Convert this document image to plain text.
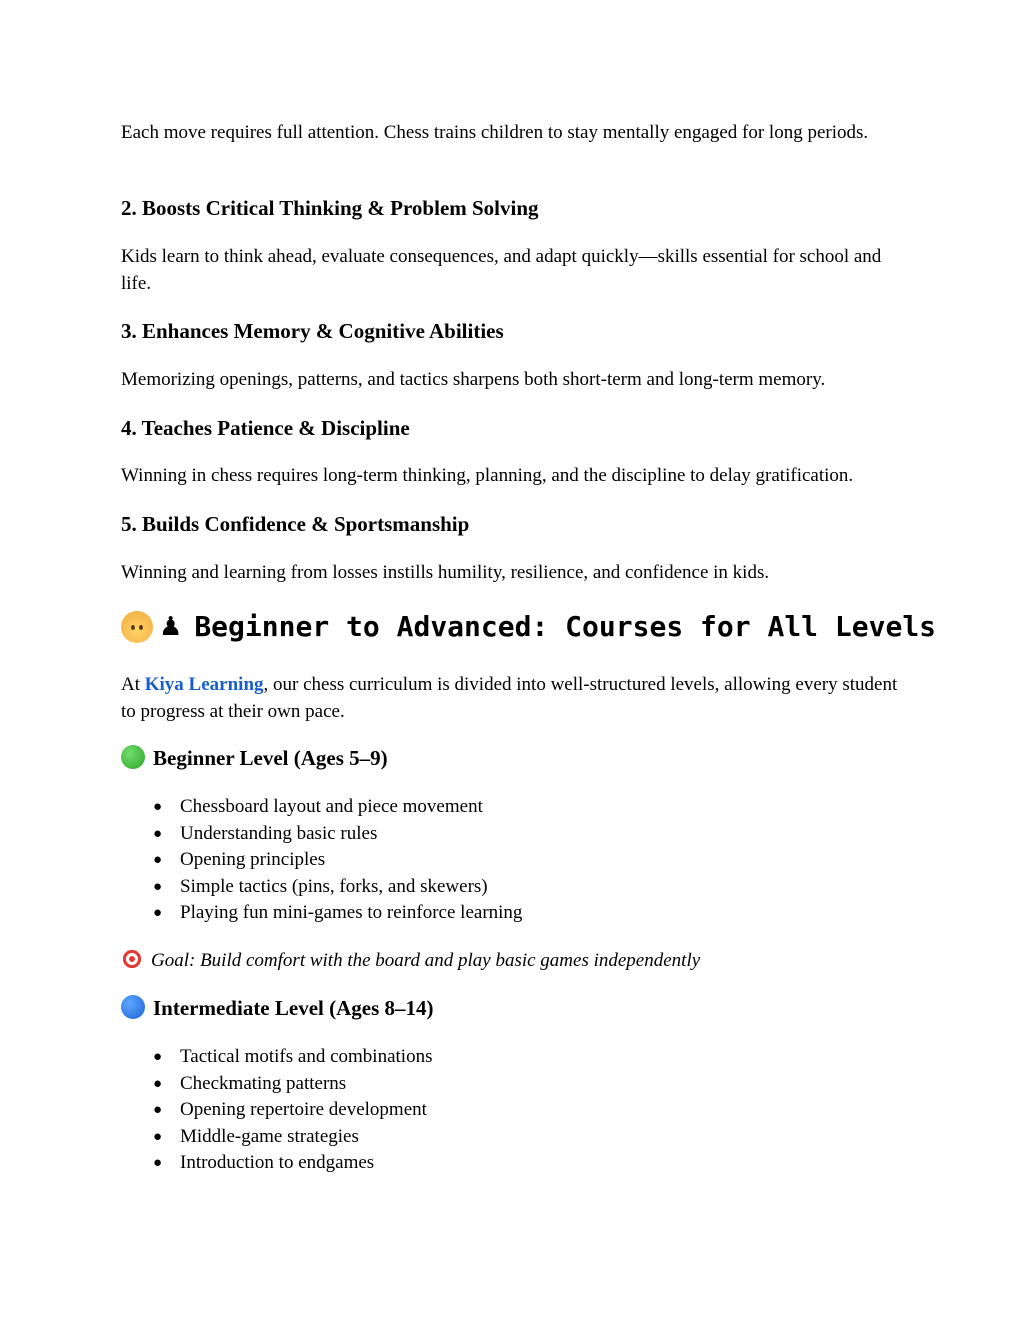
Each move requires full attention. Chess trains children to stay mentally engaged for long periods.

2. Boosts Critical Thinking & Problem Solving

Kids learn to think ahead, evaluate consequences, and adapt quickly—skills essential for school and life.

3. Enhances Memory & Cognitive Abilities

Memorizing openings, patterns, and tactics sharpens both short-term and long-term memory.

4. Teaches Patience & Discipline

Winning in chess requires long-term thinking, planning, and the discipline to delay gratification.

5. Builds Confidence & Sportsmanship

Winning and learning from losses instills humility, resilience, and confidence in kids.

♟ Beginner to Advanced: Courses for All Levels

At Kiya Learning, our chess curriculum is divided into well-structured levels, allowing every student to progress at their own pace.

Beginner Level (Ages 5–9)
● Chessboard layout and piece movement
● Understanding basic rules
● Opening principles
● Simple tactics (pins, forks, and skewers)
● Playing fun mini-games to reinforce learning
Goal: Build comfort with the board and play basic games independently
Intermediate Level (Ages 8–14)
● Tactical motifs and combinations
● Checkmating patterns
● Opening repertoire development
● Middle-game strategies
● Introduction to endgames
